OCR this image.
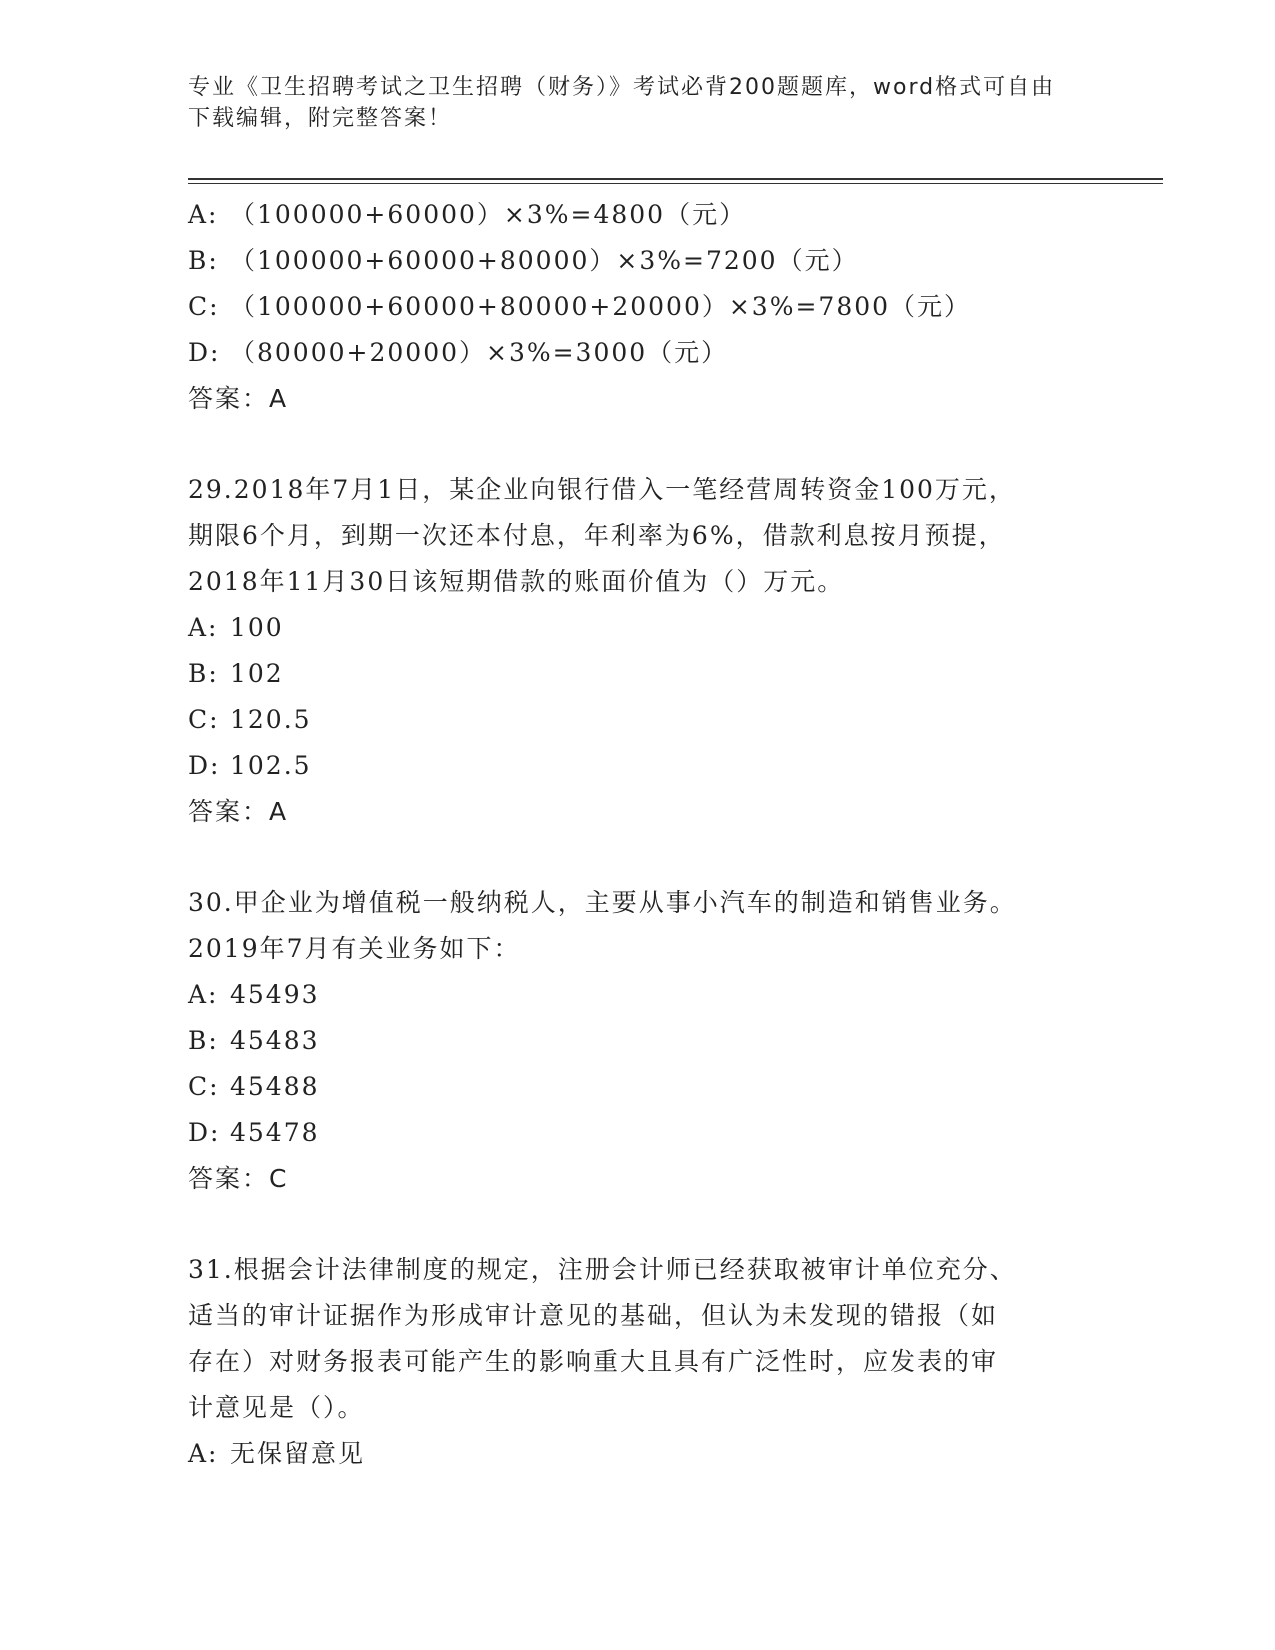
专业《卫生招聘考试之卫生招聘（财务）》考试必背200题题库，word格式可自由下载编辑，附完整答案！
A: （100000+60000）×3%=4800（元）
B: （100000+60000+80000）×3%=7200（元）
C: （100000+60000+80000+20000）×3%=7800（元）
D: （80000+20000）×3%=3000（元）
答案：A
29.2018年7月1日，某企业向银行借入一笔经营周转资金100万元，
期限6个月，到期一次还本付息，年利率为6%，借款利息按月预提，
2018年11月30日该短期借款的账面价值为（）万元。
A: 100
B: 102
C: 120.5
D: 102.5
答案：A
30.甲企业为增值税一般纳税人，主要从事小汽车的制造和销售业务。
2019年7月有关业务如下：
A: 45493
B: 45483
C: 45488
D: 45478
答案：C
31.根据会计法律制度的规定，注册会计师已经获取被审计单位充分、
适当的审计证据作为形成审计意见的基础，但认为未发现的错报（如
存在）对财务报表可能产生的影响重大且具有广泛性时，应发表的审
计意见是（）。
A: 无保留意见
